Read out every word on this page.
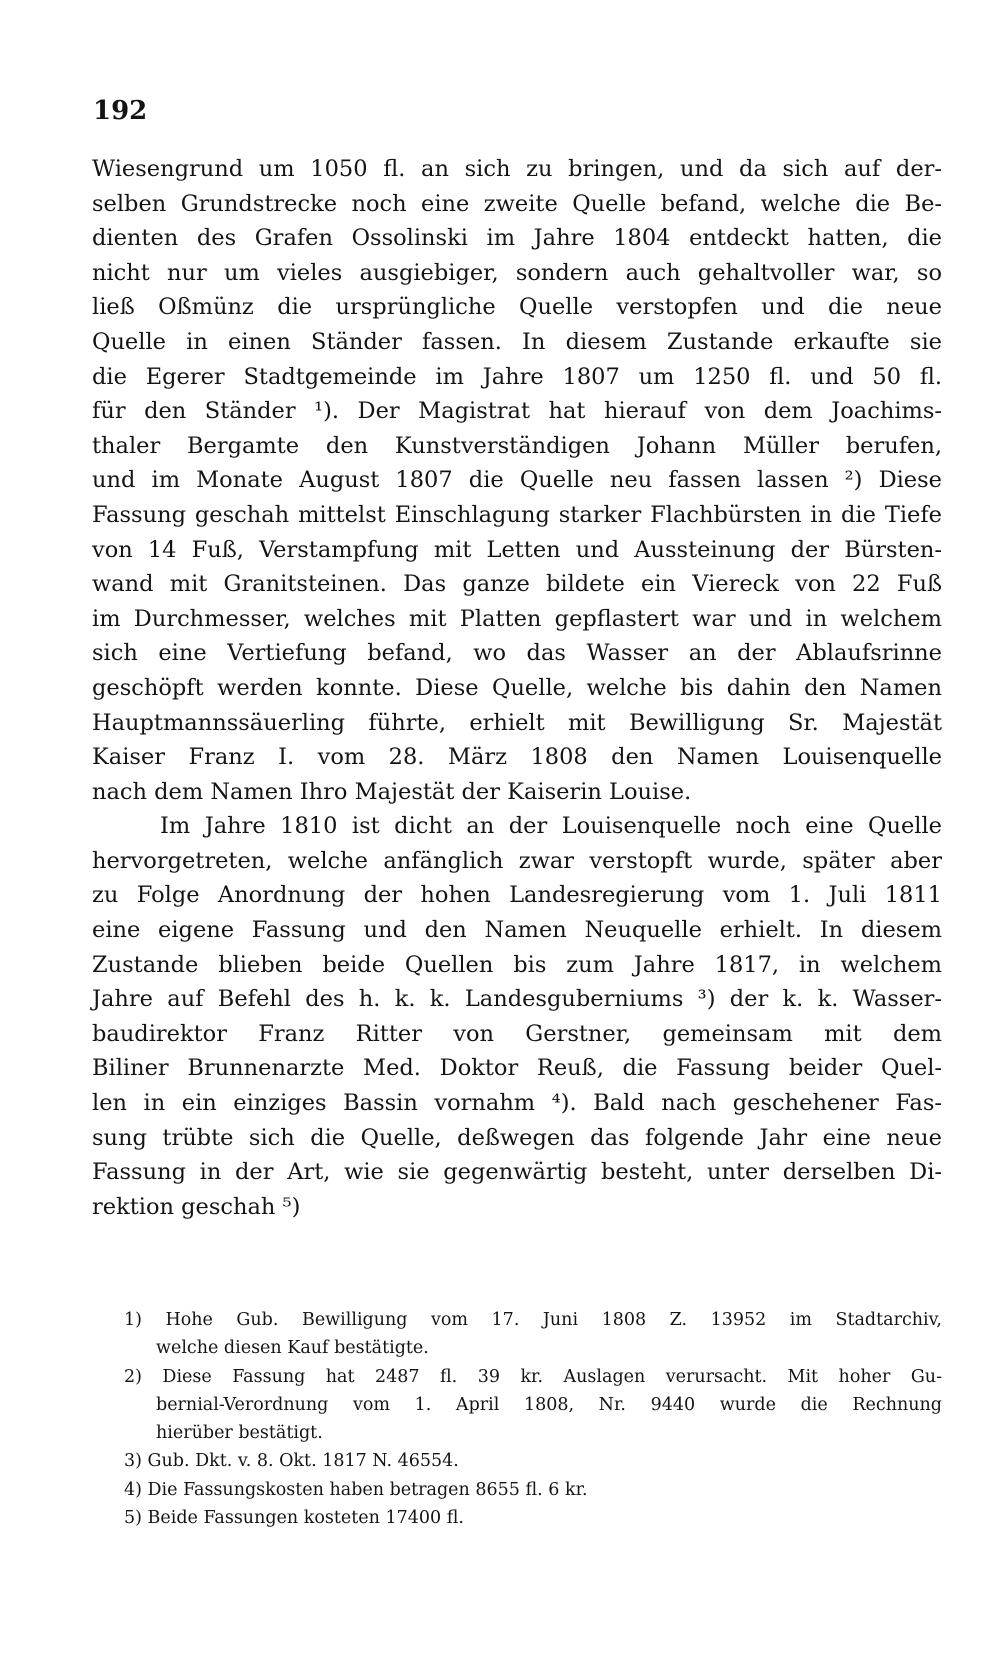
192
Wiesengrund um 1050 fl. an sich zu bringen, und da sich auf der-
selben Grundstrecke noch eine zweite Quelle befand, welche die Be-
dienten des Grafen Ossolinski im Jahre 1804 entdeckt hatten, die
nicht nur um vieles ausgiebiger, sondern auch gehaltvoller war, so
ließ Oßmünz die ursprüngliche Quelle verstopfen und die neue
Quelle in einen Ständer fassen. In diesem Zustande erkaufte sie
die Egerer Stadtgemeinde im Jahre 1807 um 1250 fl. und 50 fl.
für den Ständer ¹). Der Magistrat hat hierauf von dem Joachims-
thaler Bergamte den Kunstverständigen Johann Müller berufen,
und im Monate August 1807 die Quelle neu fassen lassen ²) Diese
Fassung geschah mittelst Einschlagung starker Flachbürsten in die Tiefe
von 14 Fuß, Verstampfung mit Letten und Aussteinung der Bürsten-
wand mit Granitsteinen. Das ganze bildete ein Viereck von 22 Fuß
im Durchmesser, welches mit Platten gepflastert war und in welchem
sich eine Vertiefung befand, wo das Wasser an der Ablaufsrinne
geschöpft werden konnte. Diese Quelle, welche bis dahin den Namen
Hauptmannssäuerling führte, erhielt mit Bewilligung Sr. Majestät
Kaiser Franz I. vom 28. März 1808 den Namen Louisenquelle
nach dem Namen Ihro Majestät der Kaiserin Louise.
Im Jahre 1810 ist dicht an der Louisenquelle noch eine Quelle
hervorgetreten, welche anfänglich zwar verstopft wurde, später aber
zu Folge Anordnung der hohen Landesregierung vom 1. Juli 1811
eine eigene Fassung und den Namen Neuquelle erhielt. In diesem
Zustande blieben beide Quellen bis zum Jahre 1817, in welchem
Jahre auf Befehl des h. k. k. Landesguberniums ³) der k. k. Wasser-
baudirektor Franz Ritter von Gerstner, gemeinsam mit dem
Biliner Brunnenarzte Med. Doktor Reuß, die Fassung beider Quel-
len in ein einziges Bassin vornahm ⁴). Bald nach geschehener Fas-
sung trübte sich die Quelle, deßwegen das folgende Jahr eine neue
Fassung in der Art, wie sie gegenwärtig besteht, unter derselben Di-
rektion geschah ⁵)
1) Hohe Gub. Bewilligung vom 17. Juni 1808 Z. 13952 im Stadtarchiv,
welche diesen Kauf bestätigte.
2) Diese Fassung hat 2487 fl. 39 kr. Auslagen verursacht. Mit hoher Gu-
bernial-Verordnung vom 1. April 1808, Nr. 9440 wurde die Rechnung
hierüber bestätigt.
3) Gub. Dkt. v. 8. Okt. 1817 N. 46554.
4) Die Fassungskosten haben betragen 8655 fl. 6 kr.
5) Beide Fassungen kosteten 17400 fl.
